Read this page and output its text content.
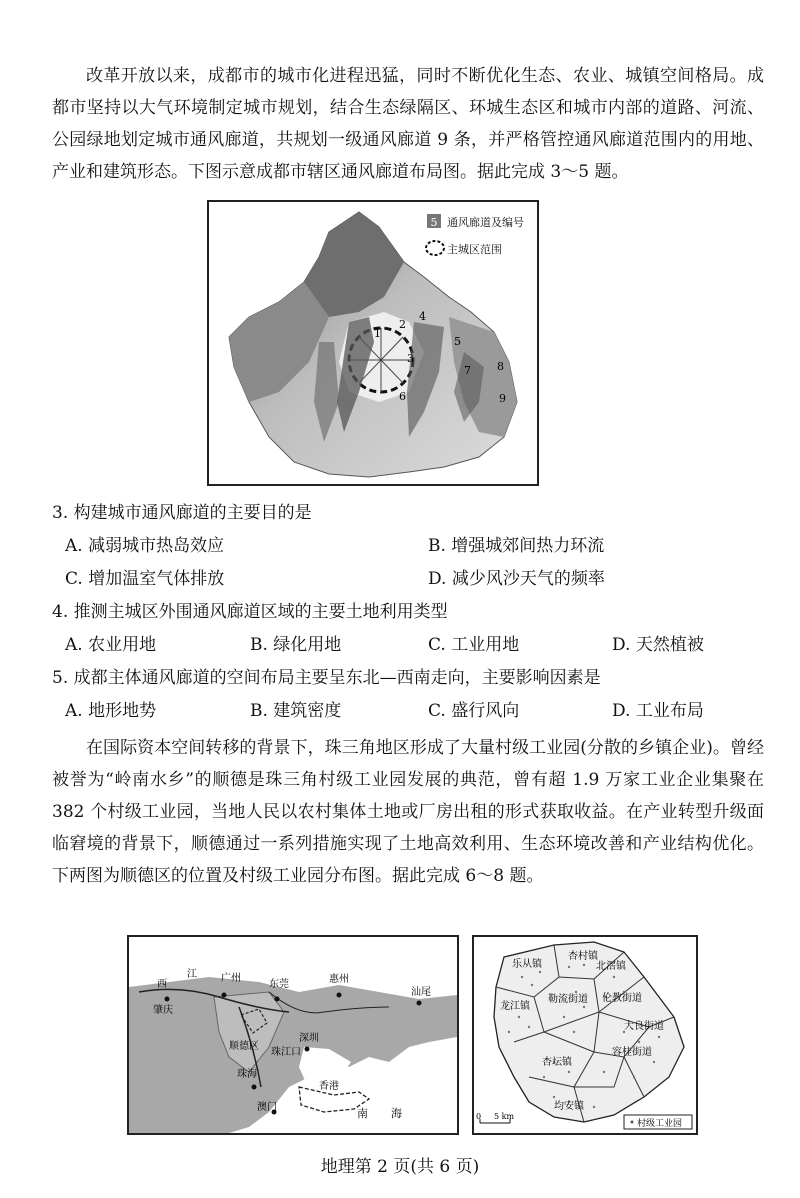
改革开放以来，成都市的城市化进程迅猛，同时不断优化生态、农业、城镇空间格局。成都市坚持以大气环境制定城市规划，结合生态绿隔区、环城生态区和城市内部的道路、河流、公园绿地划定城市通风廊道，共规划一级通风廊道 9 条，并严格管控通风廊道范围内的用地、产业和建筑形态。下图示意成都市辖区通风廊道布局图。据此完成 3～5 题。

5 通风廊道及编号
主城区范围
1
2
3
4
5
6
7 8
9

3. 构建城市通风廊道的主要目的是

A. 减弱城市热岛效应	B. 增强城郊间热力环流
C. 增加温室气体排放	D. 减少风沙天气的频率

4. 推测主城区外围通风廊道区域的主要土地利用类型

A. 农业用地	B. 绿化用地	C. 工业用地	D. 天然植被

5. 成都主体通风廊道的空间布局主要呈东北—西南走向，主要影响因素是

A. 地形地势	B. 建筑密度	C. 盛行风向	D. 工业布局

在国际资本空间转移的背景下，珠三角地区形成了大量村级工业园(分散的乡镇企业)。曾经被誉为“岭南水乡”的顺德是珠三角村级工业园发展的典范，曾有超 1.9 万家工业企业集聚在 382 个村级工业园，当地人民以农村集体土地或厂房出租的形式获取收益。在产业转型升级面临窘境的背景下，顺德通过一系列措施实现了土地高效利用、生态环境改善和产业结构优化。下两图为顺德区的位置及村级工业园分布图。据此完成 6～8 题。

西
江 广州
东莞	惠州
肇庆
顺德区
深圳
汕尾
珠江口
珠海
澳门
香港
南 海
杏村镇
乐从镇	北滘镇
勒流街道
龙江镇
伦教街道
大良街道
杏坛镇
容桂街道
均安镇
0 5 km
村级工业园
地理第 2 页(共 6 页)
